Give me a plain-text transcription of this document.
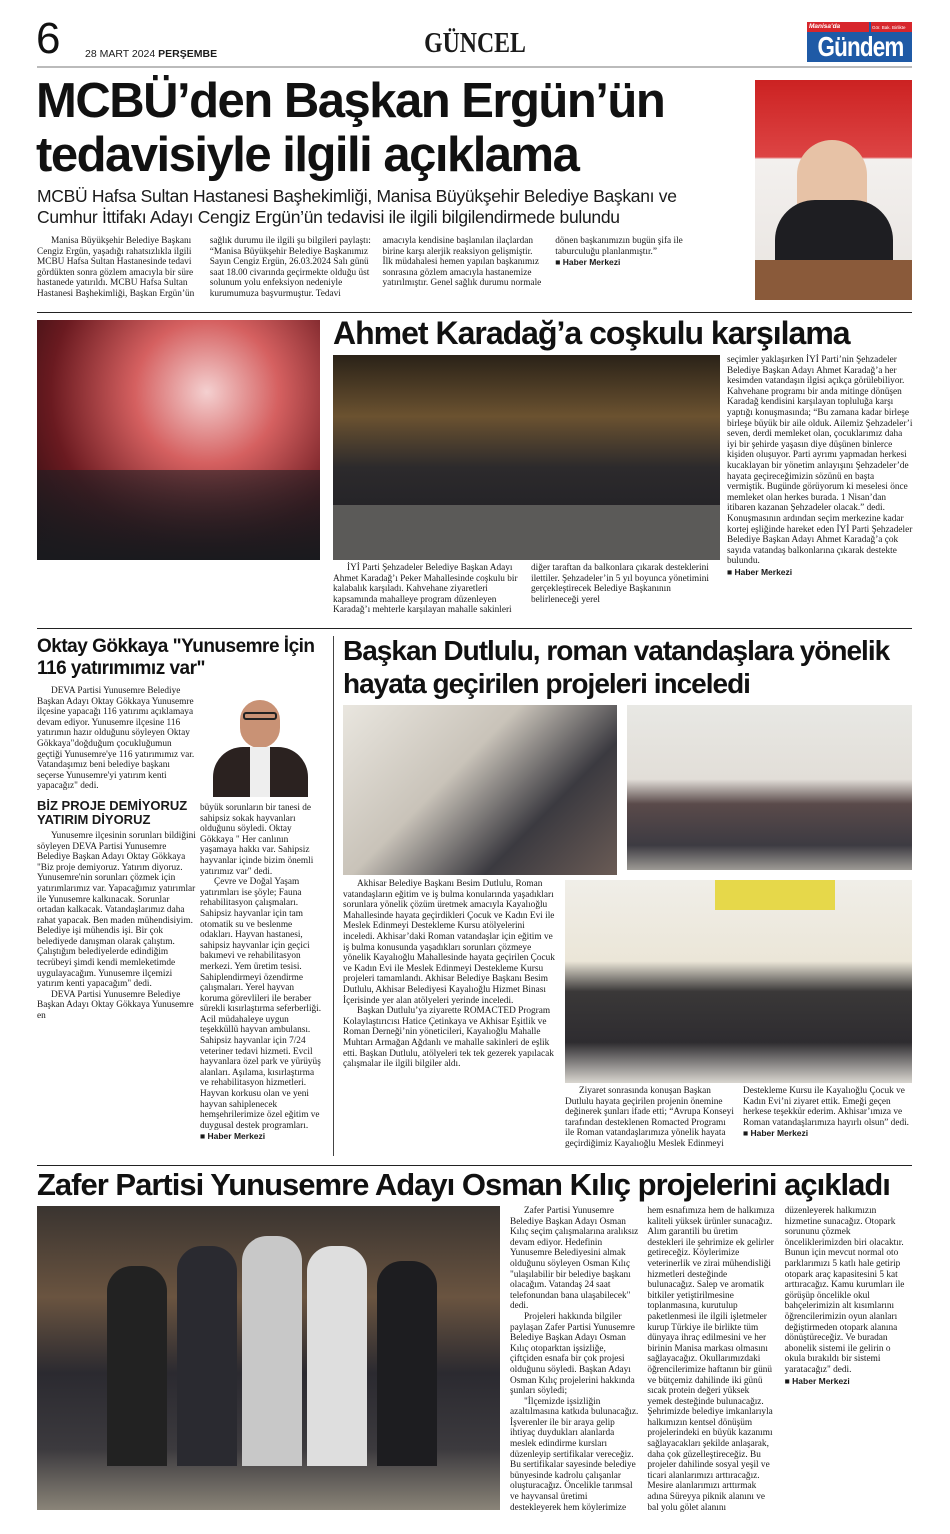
6 28 MART 2024 PERŞEMBE	GÜNCEL
Manisa'da	Gör. Bak. Birlikte
Gündem
MCBÜ’den Başkan Ergün’ün tedavisiyle ilgili açıklama
MCBÜ Hafsa Sultan Hastanesi Başhekimliği, Manisa Büyükşehir Belediye Başkanı ve Cumhur İttifakı Adayı Cengiz Ergün’ün tedavisi ile ilgili bilgilendirmede bulundu

Manisa Büyükşehir Belediye Başkanı Cengiz Ergün, yaşadığı rahatsızlıkla ilgili MCBU Hafsa Sultan Hastanesinde tedavi gördükten sonra gözlem amacıyla bir süre hastanede yatırıldı. MCBU Hafsa Sultan Hastanesi Başhekimliği, Başkan Ergün’ün sağlık durumu ile ilgili şu bilgileri paylaştı: “Manisa Büyükşehir Belediye Başkanımız Sayın Cengiz Ergün, 26.03.2024 Salı günü saat 18.00 civarında geçirmekte olduğu üst solunum yolu enfeksiyon nedeniyle kurumumuza başvurmuştur. Tedavi amacıyla kendisine başlanılan ilaçlardan birine karşı alerjik reaksiyon gelişmiştir. İlk müdahalesi hemen yapılan başkanımız sonrasına gözlem amacıyla hastanemize yatırılmıştır. Genel sağlık durumu normale dönen başkanımızın bugün şifa ile taburculuğu planlanmıştır.”

■ Haber Merkezi
Ahmet Karadağ’a coşkulu karşılama

İYİ Parti Şehzadeler Belediye Başkan Adayı Ahmet Karadağ’ı Peker Mahallesinde coşkulu bir kalabalık karşıladı. Kahvehane ziyaretleri kapsamında mahalleye program düzenleyen Karadağ’ı mehterle karşılayan mahalle sakinleri diğer taraftan da balkonlara çıkarak desteklerini ilettiler. Şehzadeler’in 5 yıl boyunca yönetimini gerçekleştirecek Belediye Başkanının belirleneceği yerel

seçimler yaklaşırken İYİ Parti’nin Şehzadeler Belediye Başkan Adayı Ahmet Karadağ’a her kesimden vatandaşın ilgisi açıkça görülebiliyor. Kahvehane programı bir anda mitinge dönüşen Karadağ kendisini karşılayan topluluğa karşı yaptığı konuşmasında; “Bu zamana kadar birleşe birleşe büyük bir aile olduk. Ailemiz Şehzadeler’i seven, derdi memleket olan, çocuklarımız daha iyi bir şehirde yaşasın diye düşünen binlerce kişiden oluşuyor. Parti ayrımı yapmadan herkesi kucaklayan bir yönetim anlayışını Şehzadeler’de hayata geçireceğimizin sözünü en başta vermiştik. Bugünde görüyorum ki meselesi önce memleket olan herkes burada. 1 Nisan’dan itibaren kazanan Şehzadeler olacak.” dedi. Konuşmasının ardından seçim merkezine kadar kortej eşliğinde hareket eden İYİ Parti Şehzadeler Belediye Başkan Adayı Ahmet Karadağ’a çok sayıda vatandaş balkonlarına çıkarak destekte bulundu.

■ Haber Merkezi
Oktay Gökkaya "Yunusemre İçin 116 yatırımımız var"

DEVA Partisi Yunusemre Belediye Başkan Adayı Oktay Gökkaya Yunusemre ilçesine yapacağı 116 yatırımı açıklamaya devam ediyor. Yunusemre ilçesine 116 yatırımın hazır olduğunu söyleyen Oktay Gökkaya"doğduğum çocukluğumun geçtiği Yunusemre'ye 116 yatırımımız var. Vatandaşımız beni belediye başkanı seçerse Yunusemre'yi yatırım kenti yapacağız" dedi.

BİZ PROJE DEMİYORUZ YATIRIM DİYORUZ

Yunusemre ilçesinin sorunları bildiğini söyleyen DEVA Partisi Yunusemre Belediye Başkan Adayı Oktay Gökkaya "Biz proje demiyoruz. Yatırım diyoruz. Yunusemre'nin sorunları çözmek için yatırımlarımız var. Yapacağımız yatırımlar ile Yunusemre kalkınacak. Sorunlar ortadan kalkacak. Vatandaşlarımız daha rahat yapacak. Ben maden mühendisiyim. Belediye işi mühendis işi. Bir çok belediyede danışman olarak çalıştım. Çalıştığım belediyelerde edindiğim tecrübeyi şimdi kendi memleketimde uygulayacağım. Yunusemre ilçemizi yatırım kenti yapacağım" dedi.

DEVA Partisi Yunusemre Belediye Başkan Adayı Oktay Gökkaya Yunusemre en

büyük sorunların bir tanesi de sahipsiz sokak hayvanları olduğunu söyledi. Oktay Gökkaya " Her canlının yaşamaya hakkı var. Sahipsiz hayvanlar içinde bizim önemli yatırımız var" dedi.

Çevre ve Doğal Yaşam yatırımları ise şöyle; Fauna rehabilitasyon çalışmaları. Sahipsiz hayvanlar için tam otomatik su ve beslenme odakları. Hayvan hastanesi, sahipsiz hayvanlar için geçici bakımevi ve rehabilitasyon merkezi. Yem üretim tesisi. Sahiplendirmeyi özendirme çalışmaları. Yerel hayvan koruma görevlileri ile beraber sürekli kısırlaştırma seferberliği. Acil müdahaleye uygun teşekküllü hayvan ambulansı. Sahipsiz hayvanlar için 7/24 veteriner tedavi hizmeti. Evcil hayvanlara özel park ve yürüyüş alanları. Aşılama, kısırlaştırma ve rehabilitasyon hizmetleri. Hayvan korkusu olan ve yeni hayvan sahiplenecek hemşehrilerimize özel eğitim ve duygusal destek programları.

■ Haber Merkezi
Başkan Dutlulu, roman vatandaşlara yönelik hayata geçirilen projeleri inceledi

Akhisar Belediye Başkanı Besim Dutlulu, Roman vatandaşların eğitim ve iş bulma konularında yaşadıkları sorunlara yönelik çözüm üretmek amacıyla Kayalıoğlu Mahallesinde hayata geçirdikleri Çocuk ve Kadın Evi ile Meslek Edinmeyi Destekleme Kursu atölyelerini inceledi. Akhisar’daki Roman vatandaşlar için eğitim ve iş bulma konusunda yaşadıkları sorunları çözmeye yönelik Kayalıoğlu Mahallesinde hayata geçirilen Çocuk ve Kadın Evi ile Meslek Edinmeyi Destekleme Kursu projeleri tamamlandı. Akhisar Belediye Başkanı Besim Dutlulu, Akhisar Belediyesi Kayalıoğlu Hizmet Binası İçerisinde yer alan atölyeleri yerinde inceledi.

Başkan Dutlulu’ya ziyarette ROMACTED Program Kolaylaştırıcısı Hatice Çetinkaya ve Akhisar Eşitlik ve Roman Derneği’nin yöneticileri, Kayalıoğlu Mahalle Muhtarı Armağan Ağdanlı ve mahalle sakinleri de eşlik etti. Başkan Dutlulu, atölyeleri tek tek gezerek yapılacak çalışmalar ile ilgili bilgiler aldı.

Ziyaret sonrasında konuşan Başkan Dutlulu hayata geçirilen projenin önemine değinerek şunları ifade etti; “Avrupa Konseyi tarafından desteklenen Romacted Programı ile Roman vatandaşlarımıza yönelik hayata geçirdiğimiz Kayalıoğlu Meslek Edinmeyi Destekleme Kursu ile Kayalıoğlu Çocuk ve Kadın Evi’ni ziyaret ettik. Emeği geçen herkese teşekkür ederim. Akhisar’ımıza ve Roman vatandaşlarımıza hayırlı olsun” dedi.

■ Haber Merkezi
Zafer Partisi Yunusemre Adayı Osman Kılıç projelerini açıkladı

Zafer Partisi Yunusemre Belediye Başkan Adayı Osman Kılıç seçim çalışmalarına aralıksız devam ediyor. Hedefinin Yunusemre Belediyesini almak olduğunu söyleyen Osman Kılıç "ulaşılabilir bir belediye başkanı olacağım. Vatandaş 24 saat telefonundan bana ulaşabilecek" dedi.

Projeleri hakkında bilgiler paylaşan Zafer Partisi Yunusemre Belediye Başkan Adayı Osman Kılıç otoparktan işsizliğe, çiftçiden esnafa bir çok projesi olduğunu söyledi. Başkan Adayı Osman Kılıç projelerini hakkında şunları söyledi;

"İlçemizde işsizliğin azaltılmasına katkıda bulunacağız. İşverenler ile bir araya gelip ihtiyaç duydukları alanlarda meslek edindirme kursları düzenleyip sertifikalar vereceğiz. Bu sertifikalar sayesinde belediye bünyesinde kadrolu çalışanlar oluşturacağız. Öncelikle tarımsal ve hayvansal üretimi destekleyerek hem köylerimize hem esnafımıza hem de halkımıza kaliteli yüksek ürünler sunacağız. Alım garantili bu üretim destekleri ile şehrimize ek gelirler getireceğiz. Köylerimize veterinerlik ve zirai mühendisliği hizmetleri desteğinde bulunacağız. Salep ve aromatik bitkiler yetiştirilmesine toplanmasına, kurutulup paketlenmesi ile ilgili işletmeler kurup Türkiye ile birlikte tüm dünyaya ihraç edilmesini ve her birinin Manisa markası olmasını sağlayacağız. Okullarımızdaki öğrencilerimize haftanın bir günü ve bütçemiz dahilinde iki günü sıcak protein değeri yüksek yemek desteğinde bulunacağız. Şehrimizde belediye imkanlarıyla halkımızın kentsel dönüşüm projelerindeki en büyük kazanımı sağlayacakları şekilde anlaşarak, daha çok güzelleştireceğiz. Bu projeler dahilinde sosyal yeşil ve ticari alanlarımızı arttıracağız. Mesire alanlarımızı arttırmak adına Süreyya piknik alanını ve bal yolu gölet alanını düzenleyerek halkımızın hizmetine sunacağız. Otopark sorununu çözmek önceliklerimizden biri olacaktır. Bunun için mevcut normal oto parklarımızı 5 katlı hale getirip otopark araç kapasitesini 5 kat arttıracağız. Kamu kurumları ile görüşüp öncelikle okul bahçelerimizin alt kısımlarını öğrencilerimizin oyun alanları değiştirmeden otopark alanına dönüştüreceğiz. Ve buradan abonelik sistemi ile gelirin o okula bırakıldı bir sistemi yaratacağız" dedi.

■ Haber Merkezi
